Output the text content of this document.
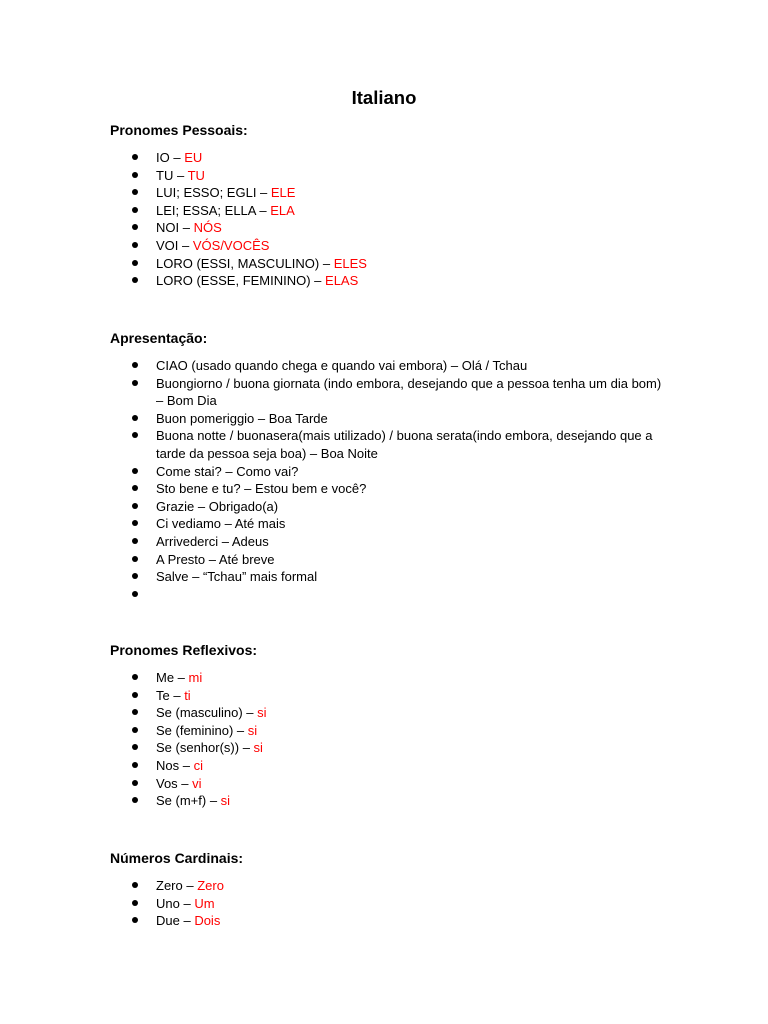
Italiano
Pronomes Pessoais:
IO – EU
TU – TU
LUI; ESSO; EGLI – ELE
LEI; ESSA; ELLA – ELA
NOI – NÓS
VOI – VÓS/VOCÊS
LORO (ESSI, MASCULINO) – ELES
LORO (ESSE, FEMININO) – ELAS
Apresentação:
CIAO (usado quando chega e quando vai embora) – Olá / Tchau
Buongiorno / buona giornata (indo embora, desejando que a pessoa tenha um dia bom) – Bom Dia
Buon pomeriggio – Boa Tarde
Buona notte / buonasera(mais utilizado) / buona serata(indo embora, desejando que a tarde da pessoa seja boa) – Boa Noite
Come stai? – Como vai?
Sto bene e tu? – Estou bem e você?
Grazie – Obrigado(a)
Ci vediamo – Até mais
Arrivederci – Adeus
A Presto – Até breve
Salve – “Tchau” mais formal
Pronomes Reflexivos:
Me – mi
Te – ti
Se (masculino) – si
Se (feminino) – si
Se (senhor(s)) – si
Nos – ci
Vos – vi
Se (m+f) – si
Números Cardinais:
Zero – Zero
Uno – Um
Due – Dois
